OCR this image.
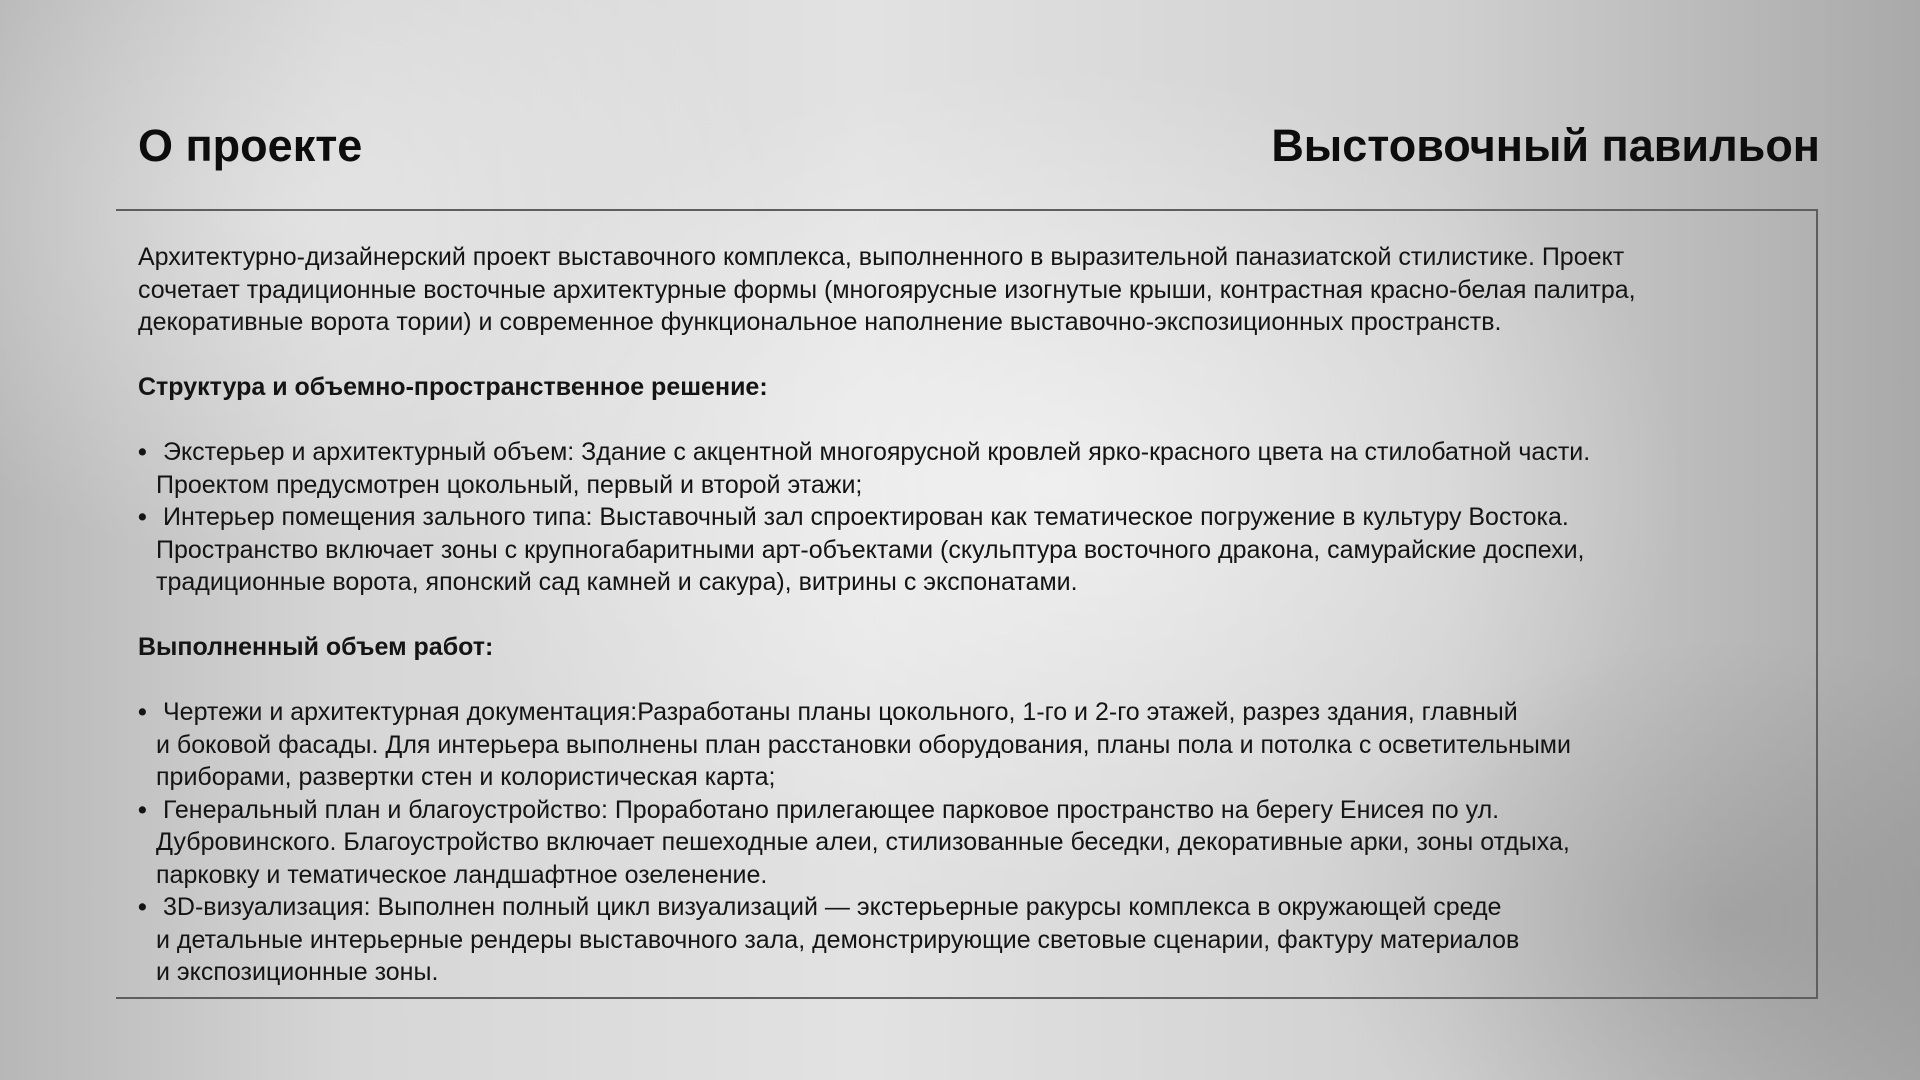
О проекте	Выстовочный павильон

Архитектурно-дизайнерский проект выставочного комплекса, выполненного в выразительной паназиатской стилистике. Проект
сочетает традиционные восточные архитектурные формы (многоярусные изогнутые крыши, контрастная красно-белая палитра,
декоративные ворота тории) и современное функциональное наполнение выставочно-экспозиционных пространств.

Структура и объемно-пространственное решение:

• Экстерьер и архитектурный объем: Здание с акцентной многоярусной кровлей ярко-красного цвета на стилобатной части.
Проектом предусмотрен цокольный, первый и второй этажи;
• Интерьер помещения зального типа: Выставочный зал спроектирован как тематическое погружение в культуру Востока.
Пространство включает зоны с крупногабаритными арт-объектами (скульптура восточного дракона, самурайские доспехи,
традиционные ворота, японский сад камней и сакура), витрины с экспонатами.

Выполненный объем работ:

• Чертежи и архитектурная документация:Разработаны планы цокольного, 1-го и 2-го этажей, разрез здания, главный
и боковой фасады. Для интерьера выполнены план расстановки оборудования, планы пола и потолка с осветительными
приборами, развертки стен и колористическая карта;
• Генеральный план и благоустройство: Проработано прилегающее парковое пространство на берегу Енисея по ул.
Дубровинского. Благоустройство включает пешеходные алеи, стилизованные беседки, декоративные арки, зоны отдыха,
парковку и тематическое ландшафтное озеленение.
• 3D-визуализация: Выполнен полный цикл визуализаций — экстерьерные ракурсы комплекса в окружающей среде
и детальные интерьерные рендеры выставочного зала, демонстрирующие световые сценарии, фактуру материалов
и экспозиционные зоны.
